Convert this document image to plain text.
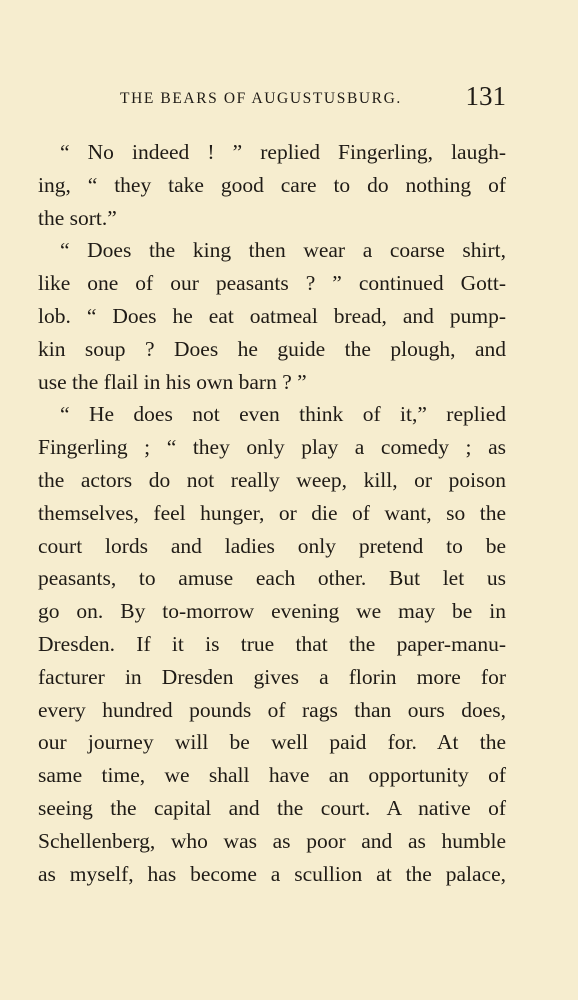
THE BEARS OF AUGUSTUSBURG. 131
“ No indeed ! ” replied Fingerling, laugh-
ing, “ they take good care to do nothing of
the sort.”
“ Does the king then wear a coarse shirt,
like one of our peasants ? ” continued Gott-
lob. “ Does he eat oatmeal bread, and pump-
kin soup ? Does he guide the plough, and
use the flail in his own barn ? ”
“ He does not even think of it,” replied
Fingerling ; “ they only play a comedy ; as
the actors do not really weep, kill, or poison
themselves, feel hunger, or die of want, so the
court lords and ladies only pretend to be
peasants, to amuse each other. But let us
go on. By to-morrow evening we may be in
Dresden. If it is true that the paper-manu-
facturer in Dresden gives a florin more for
every hundred pounds of rags than ours does,
our journey will be well paid for. At the
same time, we shall have an opportunity of
seeing the capital and the court. A native of
Schellenberg, who was as poor and as humble
as myself, has become a scullion at the palace,
